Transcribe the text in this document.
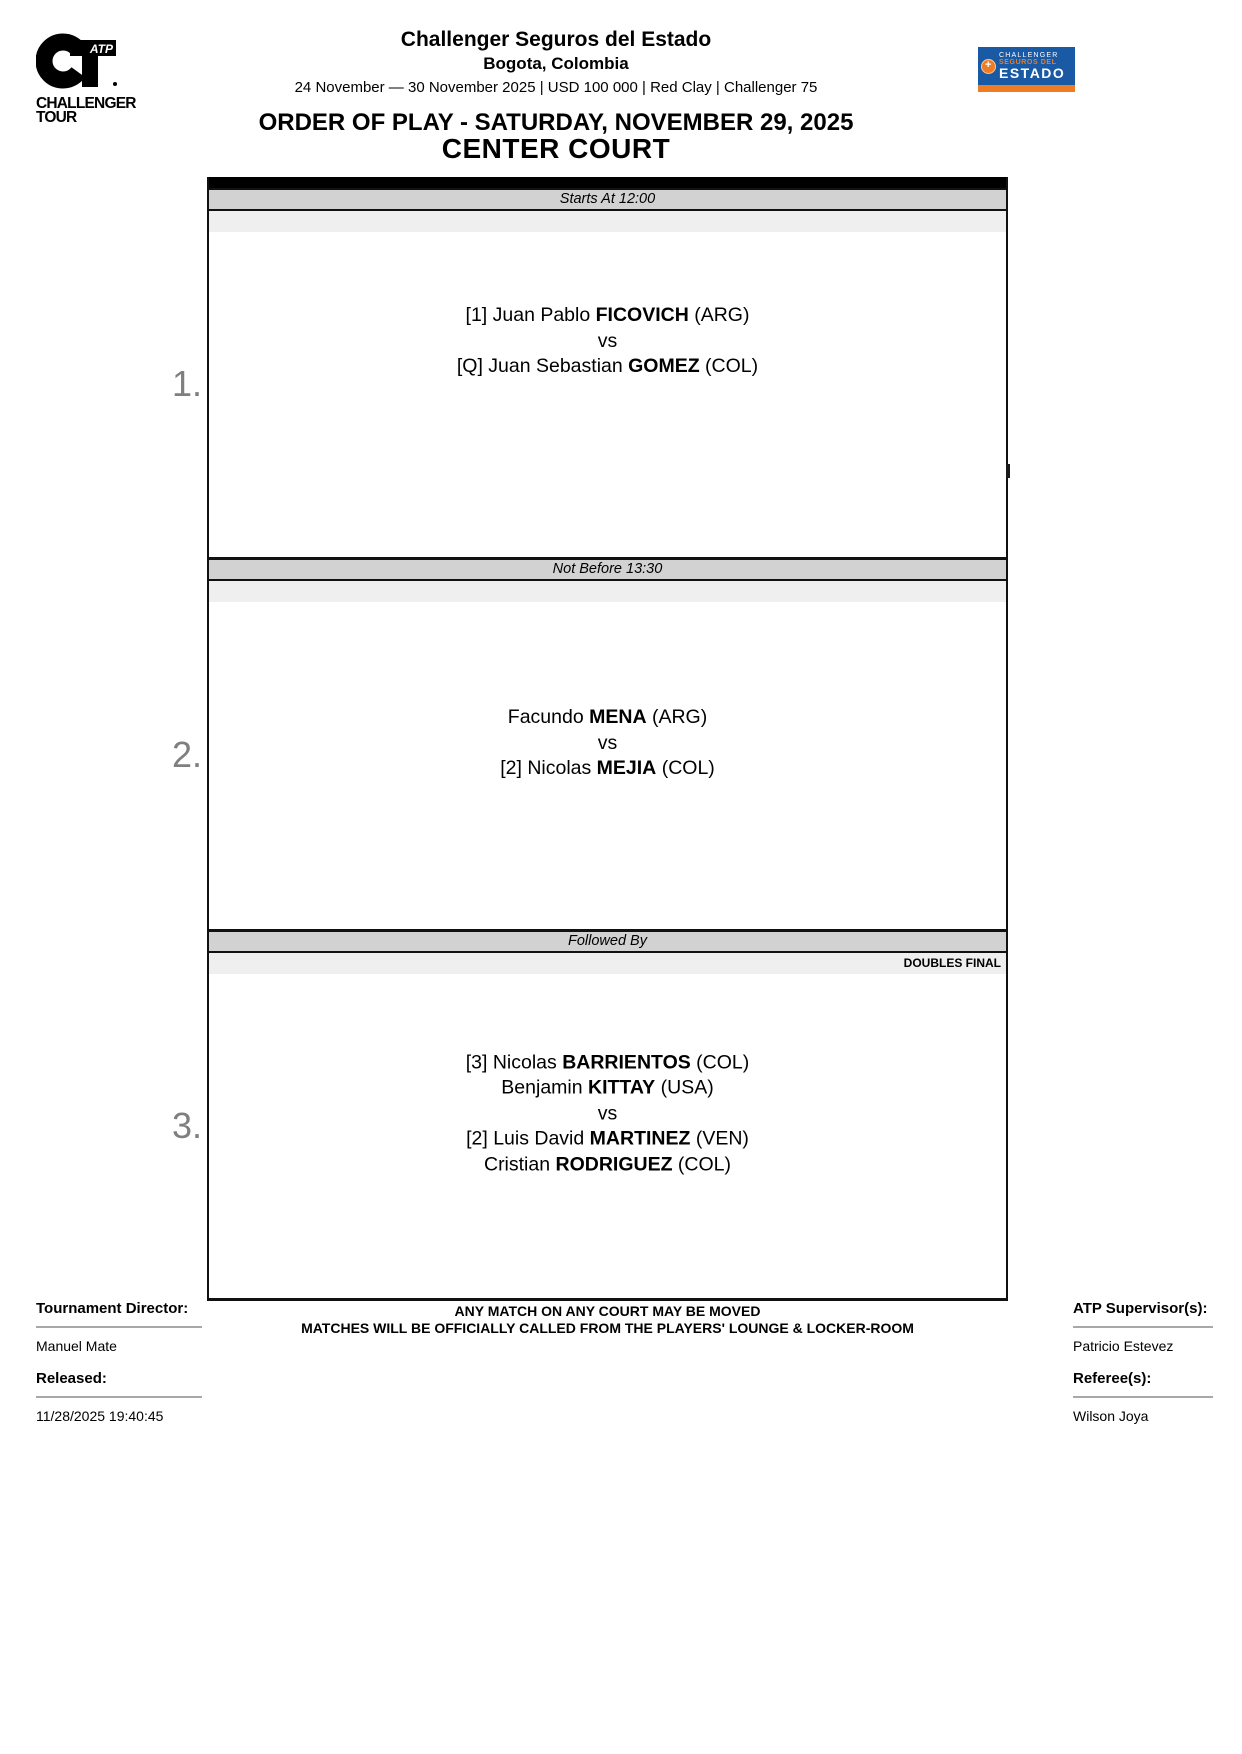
ATP
CHALLENGER
TOUR
Challenger Seguros del Estado
Bogota, Colombia
24 November — 30 November 2025 | USD 100 000 | Red Clay | Challenger 75
ORDER OF PLAY - SATURDAY, NOVEMBER 29, 2025
+
CHALLENGER
SEGUROS DEL
ESTADO
CENTER COURT
Starts At 12:00
[1] Juan Pablo FICOVICH (ARG)
vs
[Q] Juan Sebastian GOMEZ (COL)
Not Before 13:30
Facundo MENA (ARG)
vs
[2] Nicolas MEJIA (COL)
Followed By
DOUBLES FINAL
[3] Nicolas BARRIENTOS (COL)
Benjamin KITTAY (USA)
vs
[2] Luis David MARTINEZ (VEN)
Cristian RODRIGUEZ (COL)
1.
2.
3.
Tournament Director:
Manuel Mate
Released:
11/28/2025 19:40:45
ANY MATCH ON ANY COURT MAY BE MOVED
MATCHES WILL BE OFFICIALLY CALLED FROM THE PLAYERS' LOUNGE & LOCKER-ROOM
ATP Supervisor(s):
Patricio Estevez
Referee(s):
Wilson Joya
